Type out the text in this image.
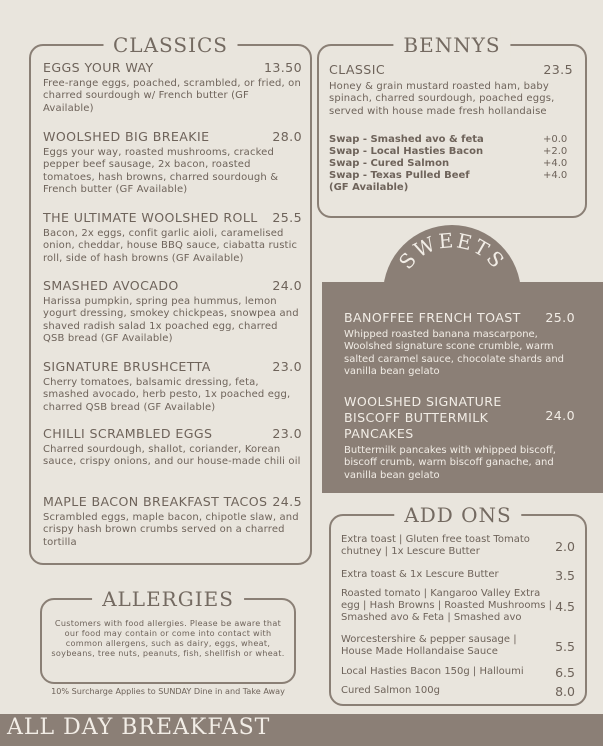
CLASSICS
EGGS YOUR WAY	13.50
Free-range eggs, poached, scrambled, or fried, on charred sourdough w/ French butter (GF Available)
WOOLSHED BIG BREAKIE	28.0
Eggs your way, roasted mushrooms, cracked pepper beef sausage, 2x bacon, roasted tomatoes, hash browns, charred sourdough & French butter (GF Available)
THE ULTIMATE WOOLSHED ROLL 25.5
Bacon, 2x eggs, confit garlic aioli, caramelised onion, cheddar, house BBQ sauce, ciabatta rustic roll, side of hash browns (GF Available)
SMASHED AVOCADO	24.0
Harissa pumpkin, spring pea hummus, lemon yogurt dressing, smokey chickpeas, snowpea and shaved radish salad 1x poached egg, charred QSB bread (GF Available)
SIGNATURE BRUSHCETTA	23.0
Cherry tomatoes, balsamic dressing, feta, smashed avocado, herb pesto, 1x poached egg, charred QSB bread (GF Available)
CHILLI SCRAMBLED EGGS	23.0
Charred sourdough, shallot, coriander, Korean sauce, crispy onions, and our house-made chili oil
MAPLE BACON BREAKFAST TACOS 24.5
Scrambled eggs, maple bacon, chipotle slaw, and crispy hash brown crumbs served on a charred tortilla
BENNYS
CLASSIC	23.5
Honey & grain mustard roasted ham, baby spinach, charred sourdough, poached eggs, served with house made fresh hollandaise
Swap - Smashed avo & feta	+0.0
Swap - Local Hasties Bacon	+2.0
Swap - Cured Salmon	+4.0
Swap - Texas Pulled Beef	+4.0
(GF Available)
SWEETS
BANOFFEE FRENCH TOAST 25.0
Whipped roasted banana mascarpone, Woolshed signature scone crumble, warm salted caramel sauce, chocolate shards and vanilla bean gelato
WOOLSHED SIGNATURE
BISCOFF BUTTERMILK
PANCAKES
24.0
Buttermilk pancakes with whipped biscoff, biscoff crumb, warm biscoff ganache, and vanilla bean gelato
ADD ONS
Extra toast | Gluten free toast Tomato chutney | 1x Lescure Butter	2.0
Extra toast & 1x Lescure Butter	3.5
Roasted tomato | Kangaroo Valley Extra egg | Hash Browns | Roasted Mushrooms | Smashed avo & Feta | Smashed avo
4.5
Worcestershire & pepper sausage | House Made Hollandaise Sauce	5.5
Local Hasties Bacon 150g | Halloumi	6.5
Cured Salmon 100g	8.0
ALLERGIES
Customers with food allergies. Please be aware that our food may contain or come into contact with common allergens, such as dairy, eggs, wheat, soybeans, tree nuts, peanuts, fish, shellfish or wheat.
10% Surcharge Applies to SUNDAY Dine in and Take Away
ALL DAY BREAKFAST
